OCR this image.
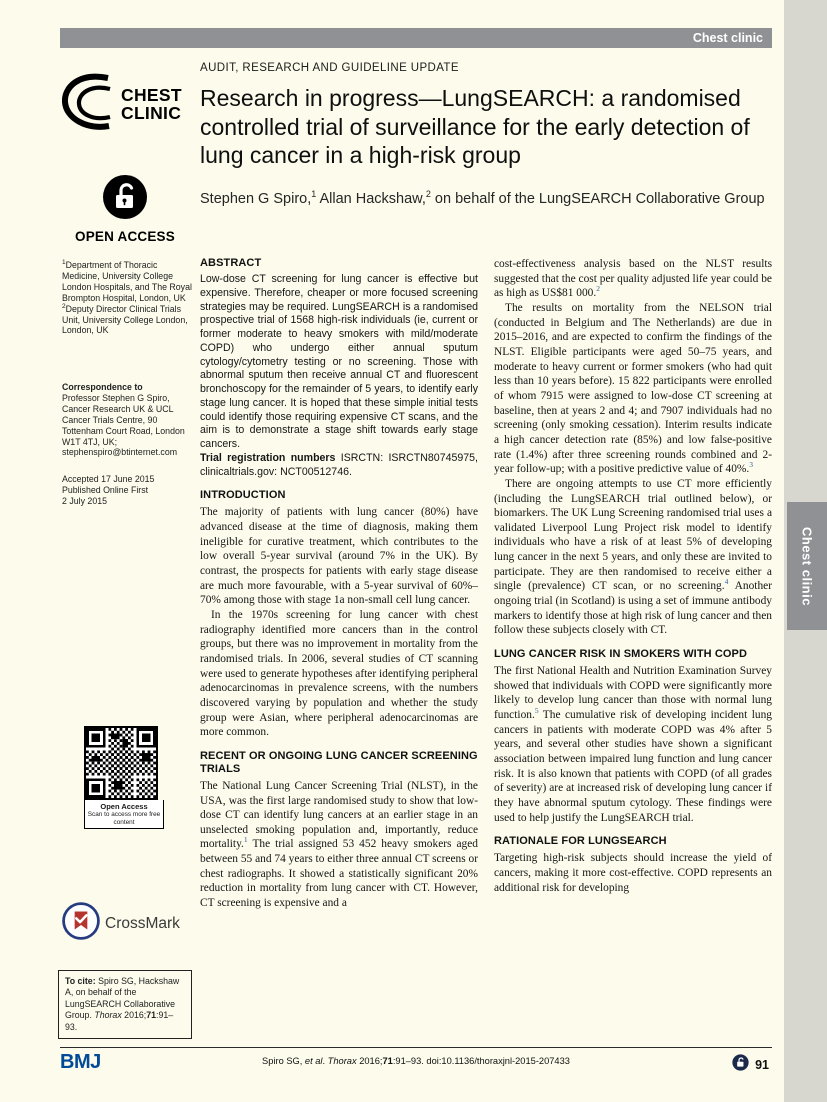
Chest clinic
Chest clinic
AUDIT, RESEARCH AND GUIDELINE UPDATE
Research in progress—LungSEARCH: a randomised controlled trial of surveillance for the early detection of lung cancer in a high-risk group
Stephen G Spiro,$^1$ Allan Hackshaw,$^2$ on behalf of the LungSEARCH Collaborative Group
CHEST
CLINIC
OPEN ACCESS

$^1$Department of Thoracic Medicine, University College London Hospitals, and The Royal Brompton Hospital, London, UK

$^2$Deputy Director Clinical Trials Unit, University College London, London, UK

Correspondence to

Professor Stephen G Spiro, Cancer Research UK & UCL Cancer Trials Centre, 90 Tottenham Court Road, London W1T 4TJ, UK; stephenspiro@btinternet.com

Accepted 17 June 2015

Published Online First

2 July 2015

Open Access
Scan to access more free content
CrossMark
To cite: Spiro SG, Hackshaw A, on behalf of the LungSEARCH Collaborative Group. Thorax 2016;71:91–93.
ABSTRACT

Low-dose CT screening for lung cancer is effective but expensive. Therefore, cheaper or more focused screening strategies may be required. LungSEARCH is a randomised prospective trial of 1568 high-risk individuals (ie, current or former moderate to heavy smokers with mild/moderate COPD) who undergo either annual sputum cytology/cytometry testing or no screening. Those with abnormal sputum then receive annual CT and fluorescent bronchoscopy for the remainder of 5 years, to identify early stage lung cancer. It is hoped that these simple initial tests could identify those requiring expensive CT scans, and the aim is to demonstrate a stage shift towards early stage cancers.

Trial registration numbers ISRCTN: ISRCTN80745975, clinicaltrials.gov: NCT00512746.

INTRODUCTION

The majority of patients with lung cancer (80%) have advanced disease at the time of diagnosis, making them ineligible for curative treatment, which contributes to the low overall 5-year survival (around 7% in the UK). By contrast, the prospects for patients with early stage disease are much more favourable, with a 5-year survival of 60%–70% among those with stage 1a non-small cell lung cancer.

In the 1970s screening for lung cancer with chest radiography identified more cancers than in the control groups, but there was no improvement in mortality from the randomised trials. In 2006, several studies of CT scanning were used to generate hypotheses after identifying peripheral adenocarcinomas in prevalence screens, with the numbers discovered varying by population and whether the study group were Asian, where peripheral adenocarcinomas are more common.

RECENT OR ONGOING LUNG CANCER SCREENING TRIALS

The National Lung Cancer Screening Trial (NLST), in the USA, was the first large randomised study to show that low-dose CT can identify lung cancers at an earlier stage in an unselected smoking population and, importantly, reduce mortality.$^1$ The trial assigned 53 452 heavy smokers aged between 55 and 74 years to either three annual CT screens or chest radiographs. It showed a statistically significant 20% reduction in mortality from lung cancer with CT. However, CT screening is expensive and a

cost-effectiveness analysis based on the NLST results suggested that the cost per quality adjusted life year could be as high as US$81 000.$^2$

The results on mortality from the NELSON trial (conducted in Belgium and The Netherlands) are due in 2015–2016, and are expected to confirm the findings of the NLST. Eligible participants were aged 50–75 years, and moderate to heavy current or former smokers (who had quit less than 10 years before). 15 822 participants were enrolled of whom 7915 were assigned to low-dose CT screening at baseline, then at years 2 and 4; and 7907 individuals had no screening (only smoking cessation). Interim results indicate a high cancer detection rate (85%) and low false-positive rate (1.4%) after three screening rounds combined and 2-year follow-up; with a positive predictive value of 40%.$^3$

There are ongoing attempts to use CT more efficiently (including the LungSEARCH trial outlined below), or biomarkers. The UK Lung Screening randomised trial uses a validated Liverpool Lung Project risk model to identify individuals who have a risk of at least 5% of developing lung cancer in the next 5 years, and only these are invited to participate. They are then randomised to receive either a single (prevalence) CT scan, or no screening.$^4$ Another ongoing trial (in Scotland) is using a set of immune antibody markers to identify those at high risk of lung cancer and then follow these subjects closely with CT.

LUNG CANCER RISK IN SMOKERS WITH COPD

The first National Health and Nutrition Examination Survey showed that individuals with COPD were significantly more likely to develop lung cancer than those with normal lung function.$^5$ The cumulative risk of developing incident lung cancers in patients with moderate COPD was 4% after 5 years, and several other studies have shown a significant association between impaired lung function and lung cancer risk. It is also known that patients with COPD (of all grades of severity) are at increased risk of developing lung cancer if they have abnormal sputum cytology. These findings were used to help justify the LungSEARCH trial.

RATIONALE FOR LUNGSEARCH

Targeting high-risk subjects should increase the yield of cancers, making it more cost-effective. COPD represents an additional risk for developing

BMJ	Spiro SG, et al. Thorax 2016;71:91–93. doi:10.1136/thoraxjnl-2015-207433	91
